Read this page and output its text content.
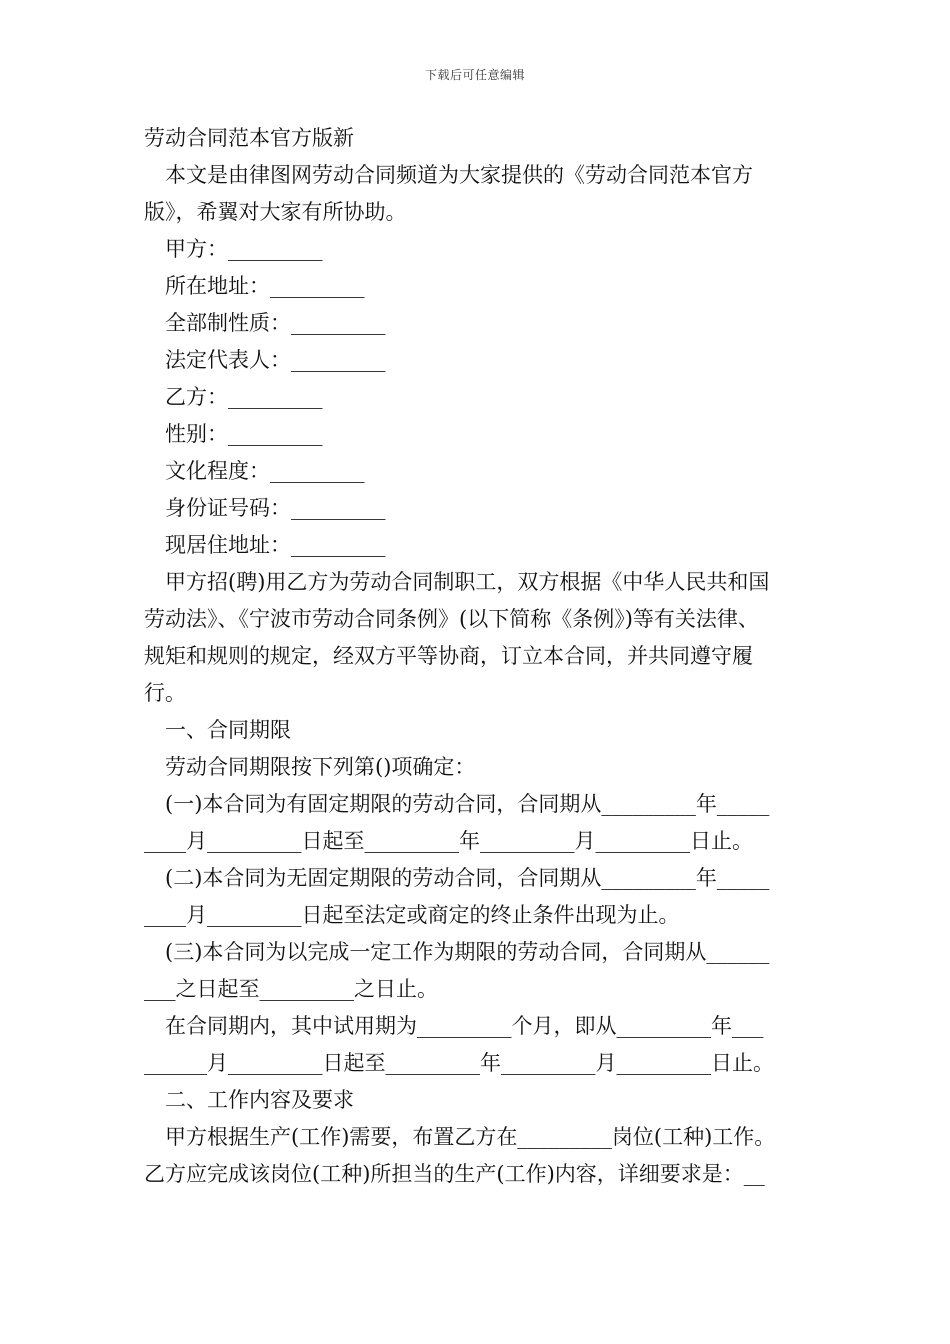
下载后可任意编辑
劳动合同范本官方版新
本文是由律图网劳动合同频道为大家提供的《劳动合同范本官方
版》，希翼对大家有所协助。
甲方：_________
所在地址：_________
全部制性质：_________
法定代表人：_________
乙方：_________
性别：_________
文化程度：_________
身份证号码：_________
现居住地址：_________
甲方招(聘)用乙方为劳动合同制职工，双方根据《中华人民共和国
劳动法》、《宁波市劳动合同条例》(以下简称《条例》)等有关法律、
规矩和规则的规定，经双方平等协商，订立本合同，并共同遵守履
行。
一、合同期限
劳动合同期限按下列第()项确定：
(一)本合同为有固定期限的劳动合同，合同期从_________年_____
____月_________日起至_________年_________月_________日止。
(二)本合同为无固定期限的劳动合同，合同期从_________年_____
____月_________日起至法定或商定的终止条件出现为止。
(三)本合同为以完成一定工作为期限的劳动合同，合同期从______
___之日起至_________之日止。
在合同期内，其中试用期为_________个月，即从_________年___
______月_________日起至_________年_________月_________日止。
二、工作内容及要求
甲方根据生产(工作)需要，布置乙方在_________岗位(工种)工作。
乙方应完成该岗位(工种)所担当的生产(工作)内容，详细要求是：__
